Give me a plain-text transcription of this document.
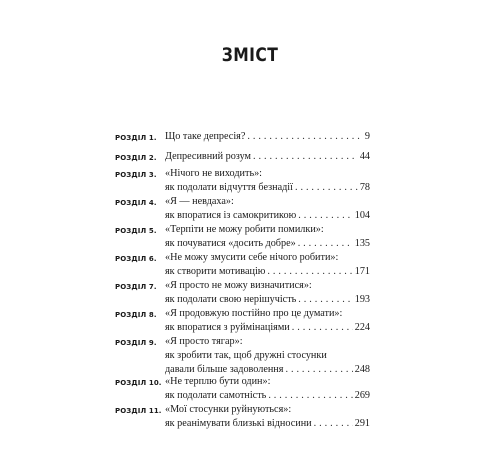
ЗМІСТ
РОЗДІЛ 1. Що таке депресія? . . .	9
РОЗДІЛ 2. Депресивний розум . . .	44
РОЗДІЛ 3. «Нічого не виходить»:
як подолати відчуття безнадії . . .	78
РОЗДІЛ 4. «Я — невдаха»:
як впоратися із самокритикою . . .	104
РОЗДІЛ 5. «Терпіти не можу робити помилки»:
як почуватися «досить добре» . . .	135
РОЗДІЛ 6. «Не можу змусити себе нічого робити»:
як створити мотивацію . . .	171
РОЗДІЛ 7. «Я просто не можу визначитися»:
як подолати свою нерішучість . . .	193
РОЗДІЛ 8. «Я продовжую постійно про це думати»:
як впоратися з руймінаціями . . .	224
РОЗДІЛ 9. «Я просто тягар»:
як зробити так, щоб дружні стосунки
давали більше задоволення . . .	248
РОЗДІЛ 10. «Не терплю бути один»:
як подолати самотність . . .	269
РОЗДІЛ 11. «Мої стосунки руйнуються»:
як реанімувати близькі відносини . . .	291
